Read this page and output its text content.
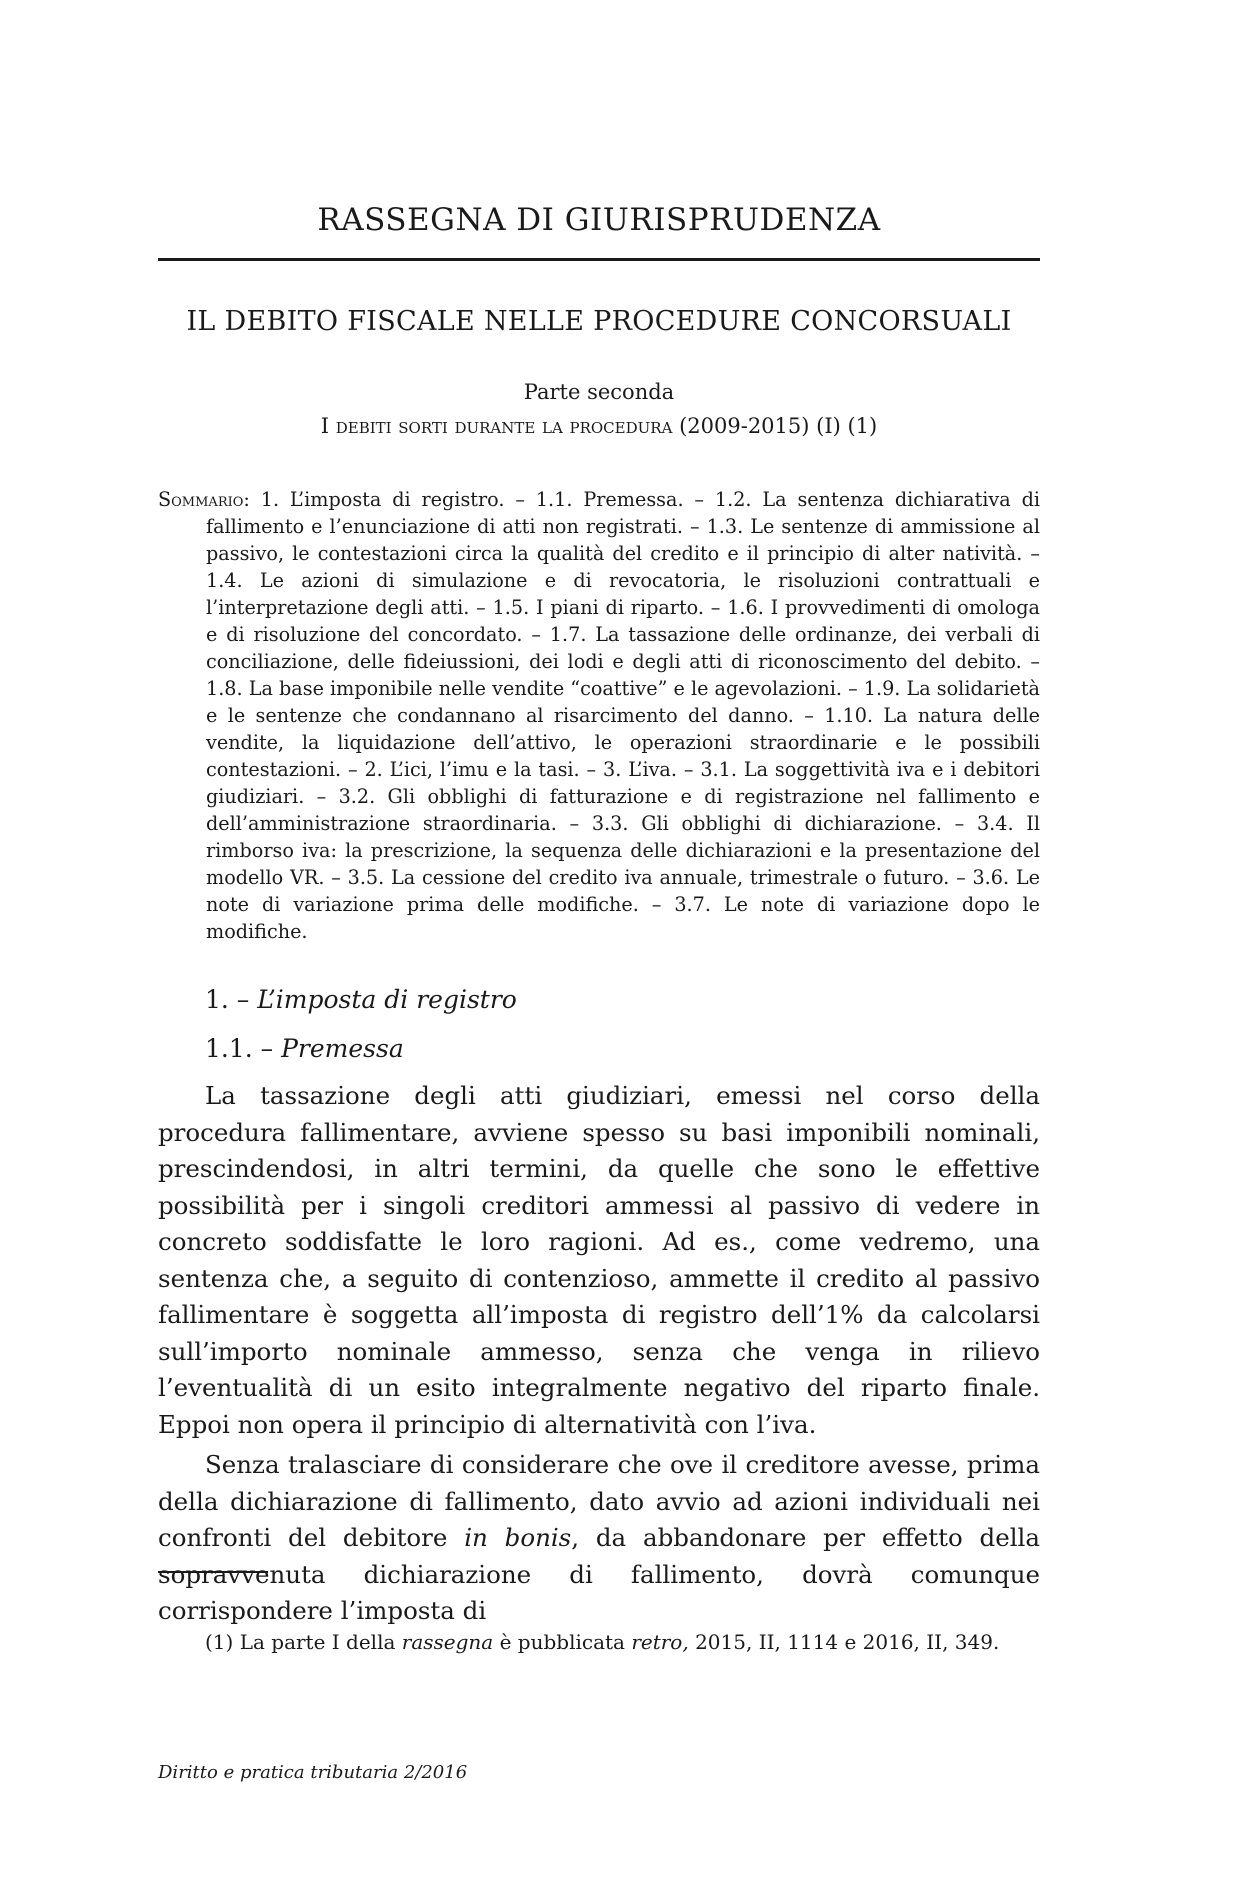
RASSEGNA DI GIURISPRUDENZA
IL DEBITO FISCALE NELLE PROCEDURE CONCORSUALI
Parte seconda
I debiti sorti durante la procedura (2009-2015) (I) (1)
Sommario: 1. L’imposta di registro. – 1.1. Premessa. – 1.2. La sentenza dichiarativa di fallimento e l’enunciazione di atti non registrati. – 1.3. Le sentenze di ammissione al passivo, le contestazioni circa la qualità del credito e il principio di alter natività. – 1.4. Le azioni di simulazione e di revocatoria, le risoluzioni contrattuali e l’interpretazione degli atti. – 1.5. I piani di riparto. – 1.6. I provvedimenti di omologa e di risoluzione del concordato. – 1.7. La tassazione delle ordinanze, dei verbali di conciliazione, delle fideiussioni, dei lodi e degli atti di riconoscimento del debito. – 1.8. La base imponibile nelle vendite “coattive” e le agevolazioni. – 1.9. La solidarietà e le sentenze che condannano al risarcimento del danno. – 1.10. La natura delle vendite, la liquidazione dell’attivo, le operazioni straordinarie e le possibili contestazioni. – 2. L’ici, l’imu e la tasi. – 3. L’iva. – 3.1. La soggettività iva e i debitori giudiziari. – 3.2. Gli obblighi di fatturazione e di registrazione nel fallimento e dell’amministrazione straordinaria. – 3.3. Gli obblighi di dichiarazione. – 3.4. Il rimborso iva: la prescrizione, la sequenza delle dichiarazioni e la presentazione del modello VR. – 3.5. La cessione del credito iva annuale, trimestrale o futuro. – 3.6. Le note di variazione prima delle modifiche. – 3.7. Le note di variazione dopo le modifiche.
1. – L’imposta di registro
1.1. – Premessa

La tassazione degli atti giudiziari, emessi nel corso della procedura fallimentare, avviene spesso su basi imponibili nominali, prescindendosi, in altri termini, da quelle che sono le effettive possibilità per i singoli creditori ammessi al passivo di vedere in concreto soddisfatte le loro ragioni. Ad es., come vedremo, una sentenza che, a seguito di contenzioso, ammette il credito al passivo fallimentare è soggetta all’imposta di registro dell’1% da calcolarsi sull’importo nominale ammesso, senza che venga in rilievo l’eventualità di un esito integralmente negativo del riparto finale. Eppoi non opera il principio di alternatività con l’iva.

Senza tralasciare di considerare che ove il creditore avesse, prima della dichiarazione di fallimento, dato avvio ad azioni individuali nei confronti del debitore in bonis, da abbandonare per effetto della sopravvenuta dichiarazione di fallimento, dovrà comunque corrispondere l’imposta di

(1) La parte I della rassegna è pubblicata retro, 2015, II, 1114 e 2016, II, 349.
Diritto e pratica tributaria 2/2016
